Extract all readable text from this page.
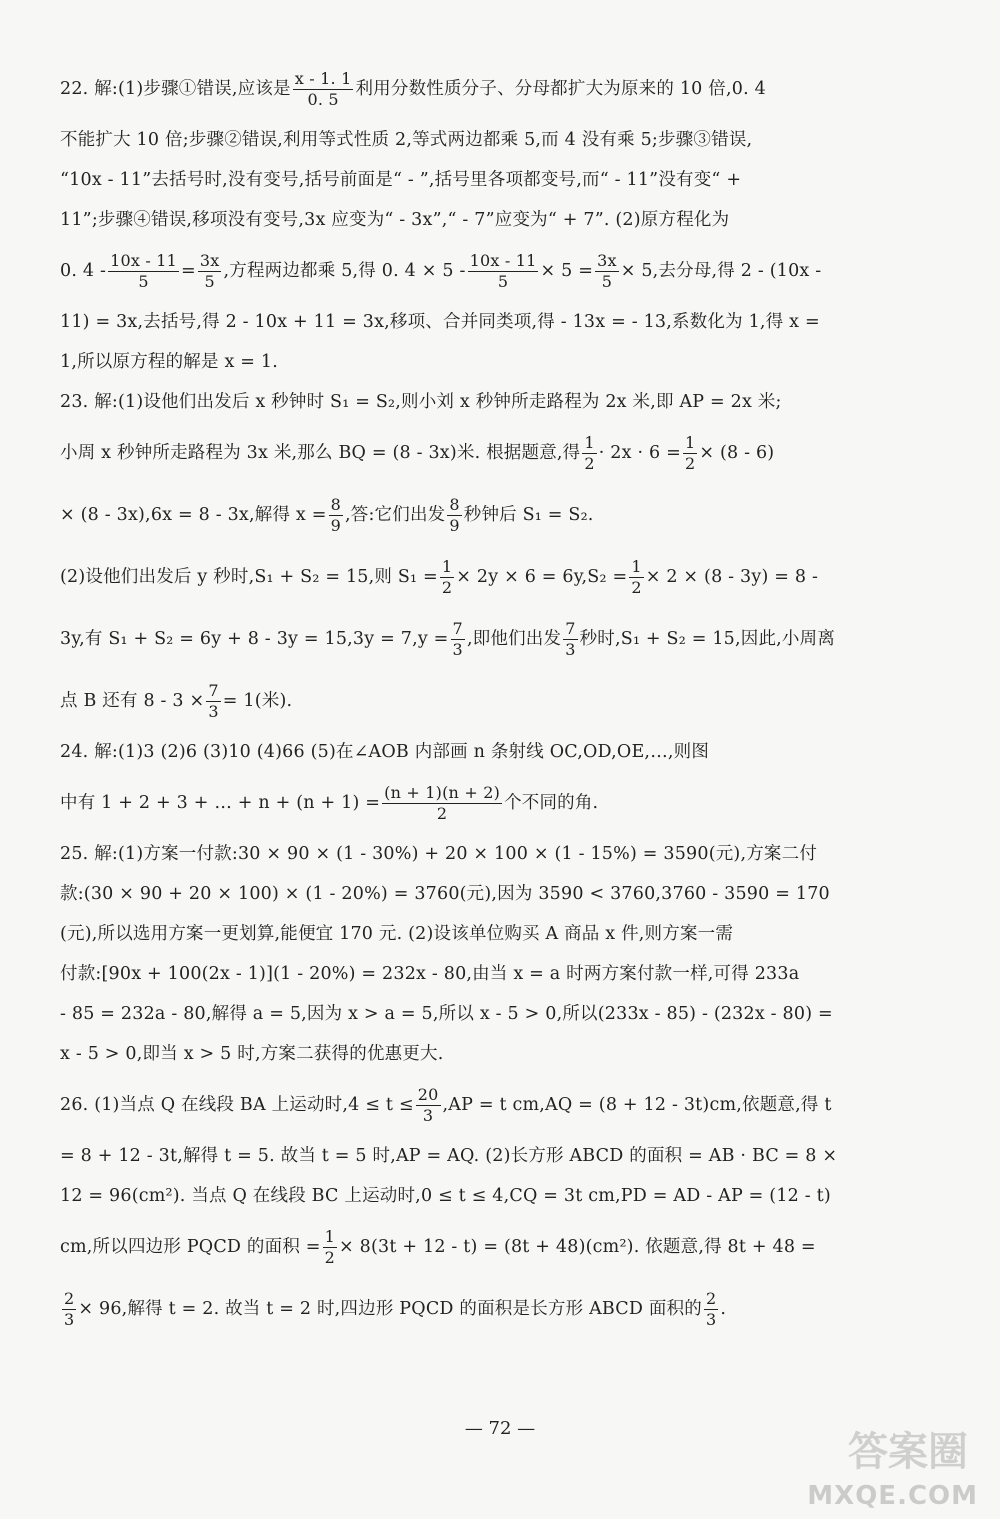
22. 解:(1)步骤①错误,应该是 $\frac{x - 1. 1}{0. 5}$ 利用分数性质分子、分母都扩大为原来的 10 倍,0. 4
不能扩大 10 倍;步骤②错误,利用等式性质 2,等式两边都乘 5,而 4 没有乘 5;步骤③错误,
“10x - 11”去括号时,没有变号,括号前面是“ - ”,括号里各项都变号,而“ - 11”没有变“ +
11”;步骤④错误,移项没有变号,3x 应变为“ - 3x”,“ - 7”应变为“ + 7”. (2)原方程化为
0. $4 - \frac{10x - 11}{5} = \frac{3x}{5}$ ,方程两边都乘 5,得 0. $4 \times 5 - \frac{10x - 11}{5} \times 5 = \frac{3x}{5} \times 5$,去分母,得 2 - (10x -
11) = 3x,去括号,得 2 - 10x + 11 = 3x,移项、合并同类项,得 - 13x = - 13,系数化为 1,得 x =
1,所以原方程的解是 x = 1.
23. 解:(1)设他们出发后 x 秒钟时 S₁ = S₂,则小刘 x 秒钟所走路程为 2x 米,即 AP = 2x 米;
小周 x 秒钟所走路程为 3x 米,那么 BQ = (8 - 3x)米. 根据题意,得 $\frac{1}{2} \cdot 2x \cdot 6 = \frac{1}{2} \times (8 - 6)$
× (8 - 3x),6x = 8 - 3x,解得 $x = \frac{8}{9}$ ,答:它们出发 $\frac{8}{9}$ 秒钟后 S₁ = S₂.
(2)设他们出发后 y 秒时,S₁ + S₂ = 15,则 $S_1 = \frac{1}{2} \times 2y \times 6 = 6y,S_2 = \frac{1}{2} \times 2 \times (8 - 3y) = 8$ -
3y,有 $S_1 + S_2 = 6y + 8 - 3y = 15,3y = 7,y = \frac{7}{3}$ ,即他们出发 $\frac{7}{3}$ 秒时,S₁ + S₂ = 15,因此,小周离
点 B 还有 $8 - 3 \times \frac{7}{3} = 1$(米).
24. 解:(1)3 (2)6 (3)10 (4)66 (5)在∠AOB 内部画 n 条射线 OC,OD,OE,…,则图
中有 1 + 2 + 3 + … + $n + (n + 1) = \frac{(n + 1)(n + 2)}{2}$ 个不同的角.
25. 解:(1)方案一付款:30 × 90 × (1 - 30%) + 20 × 100 × (1 - 15%) = 3590(元),方案二付
款:(30 × 90 + 20 × 100) × (1 - 20%) = 3760(元),因为 3590 < 3760,3760 - 3590 = 170
(元),所以选用方案一更划算,能便宜 170 元. (2)设该单位购买 A 商品 x 件,则方案一需
付款:[90x + 100(2x - 1)](1 - 20%) = 232x - 80,由当 x = a 时两方案付款一样,可得 233a
- 85 = 232a - 80,解得 a = 5,因为 x > a = 5,所以 x - 5 > 0,所以(233x - 85) - (232x - 80) =
x - 5 > 0,即当 x > 5 时,方案二获得的优惠更大.
26. (1)当点 Q 在线段 BA 上运动时$,4 \le t \le \frac{20}{3} ,AP = t$ cm,AQ = (8 + 12 - 3t)cm,依题意,得 t
= 8 + 12 - 3t,解得 t = 5. 故当 t = 5 时,AP = AQ. (2)长方形 ABCD 的面积 = AB · BC = 8 ×
12 = 96(cm²). 当点 Q 在线段 BC 上运动时,0 ≤ t ≤ 4,CQ = 3t cm,PD = AD - AP = (12 - t)
cm,所以四边形 PQCD 的面积 = $\frac{1}{2} \times 8(3t + 12 - t) = (8t + 48)(cm^2)$. 依题意,得 8t + 48 =
$\frac{2}{3} \times 96$,解得 t = 2. 故当 t = 2 时,四边形 PQCD 的面积是长方形 ABCD 面积的 $\frac{2}{3}$ .
— 72 —
答案圈
MXQE.COM
